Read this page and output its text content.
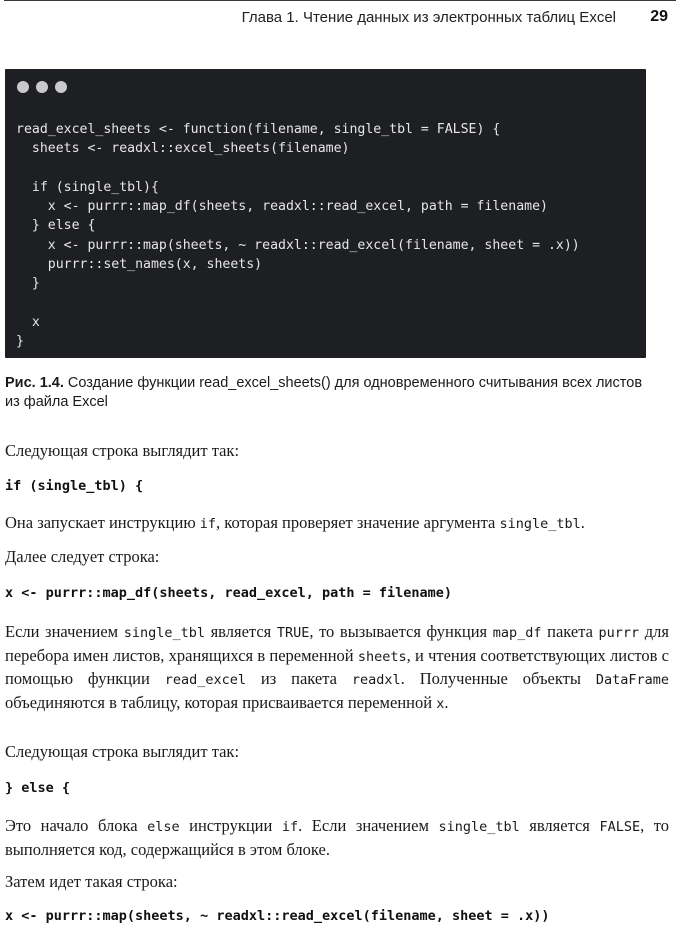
Глава 1. Чтение данных из электронных таблиц Excel 29
read_excel_sheets <- function(filename, single_tbl = FALSE) {
sheets <- readxl::excel_sheets(filename)

if (single_tbl){
x <- purrr::map_df(sheets, readxl::read_excel, path = filename)
} else {
x <- purrr::map(sheets, ~ readxl::read_excel(filename, sheet = .x))
purrr::set_names(x, sheets)
}

x
}
Рис. 1.4. Создание функции read_excel_sheets() для одновременного считывания всех листов из файла Excel

Следующая строка выглядит так:

if (single_tbl) {

Она запускает инструкцию if, которая проверяет значение аргумента single_tbl.

Далее следует строка:

x <- purrr::map_df(sheets, read_excel, path = filename)

Если значением single_tbl является TRUE, то вызывается функция map_df пакета purrr для перебора имен листов, хранящихся в переменной sheets, и чтения соответствующих листов с помощью функции read_excel из пакета readxl. Полученные объекты DataFrame объединяются в таблицу, которая присваивается переменной x.

Следующая строка выглядит так:

} else {

Это начало блока else инструкции if. Если значением single_tbl является FALSE, то выполняется код, содержащийся в этом блоке.

Затем идет такая строка:

x <- purrr::map(sheets, ~ readxl::read_excel(filename, sheet = .x))
